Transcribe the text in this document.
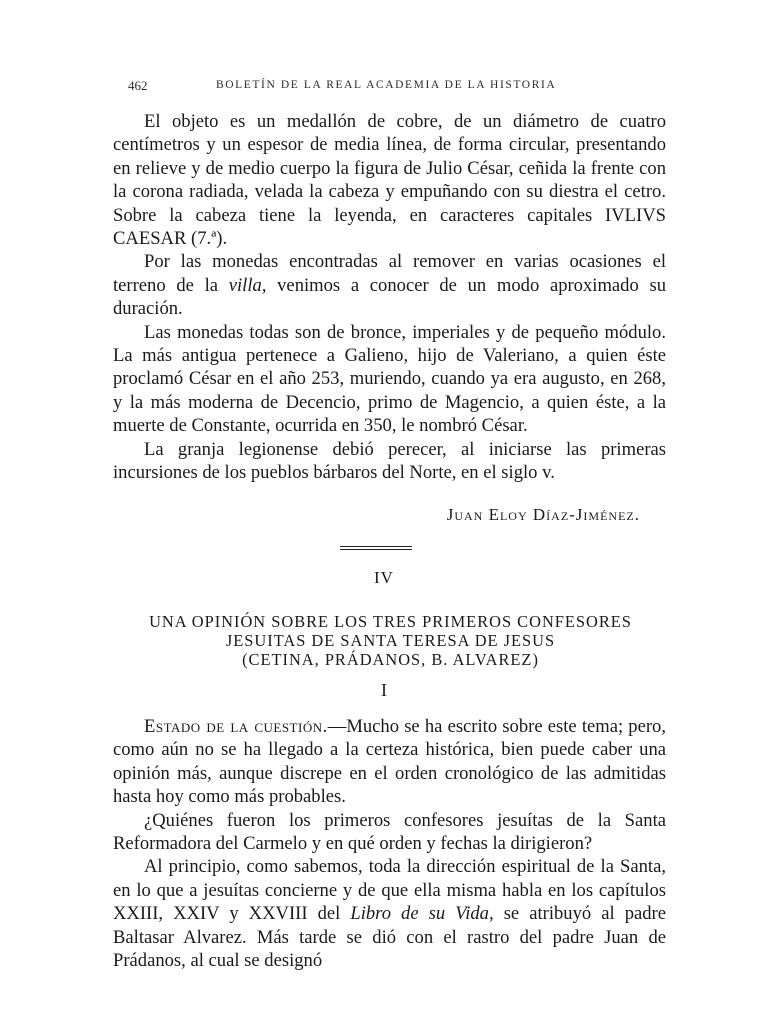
462	BOLETÍN DE LA REAL ACADEMIA DE LA HISTORIA

El objeto es un medallón de cobre, de un diámetro de cuatro centímetros y un espesor de media línea, de forma circular, presentando en relieve y de medio cuerpo la figura de Julio César, ceñida la frente con la corona radiada, velada la cabeza y empuñando con su diestra el cetro. Sobre la cabeza tiene la leyenda, en caracteres capitales IVLIVS CAESAR (7.ª).

Por las monedas encontradas al remover en varias ocasiones el terreno de la villa, venimos a conocer de un modo aproximado su duración.

Las monedas todas son de bronce, imperiales y de pequeño módulo. La más antigua pertenece a Galieno, hijo de Valeriano, a quien éste proclamó César en el año 253, muriendo, cuando ya era augusto, en 268, y la más moderna de Decencio, primo de Magencio, a quien éste, a la muerte de Constante, ocurrida en 350, le nombró César.

La granja legionense debió perecer, al iniciarse las primeras incursiones de los pueblos bárbaros del Norte, en el siglo v.

Juan Eloy Díaz-Jiménez.
IV
UNA OPINIÓN SOBRE LOS TRES PRIMEROS CONFESORES
JESUITAS DE SANTA TERESA DE JESUS
(CETINA, PRÁDANOS, B. ALVAREZ)
I

Estado de la cuestión.—Mucho se ha escrito sobre este tema; pero, como aún no se ha llegado a la certeza histórica, bien puede caber una opinión más, aunque discrepe en el orden cronológico de las admitidas hasta hoy como más probables.

¿Quiénes fueron los primeros confesores jesuítas de la Santa Reformadora del Carmelo y en qué orden y fechas la dirigieron?

Al principio, como sabemos, toda la dirección espiritual de la Santa, en lo que a jesuítas concierne y de que ella misma habla en los capítulos XXIII, XXIV y XXVIII del Libro de su Vida, se atribuyó al padre Baltasar Alvarez. Más tarde se dió con el rastro del padre Juan de Prádanos, al cual se designó
